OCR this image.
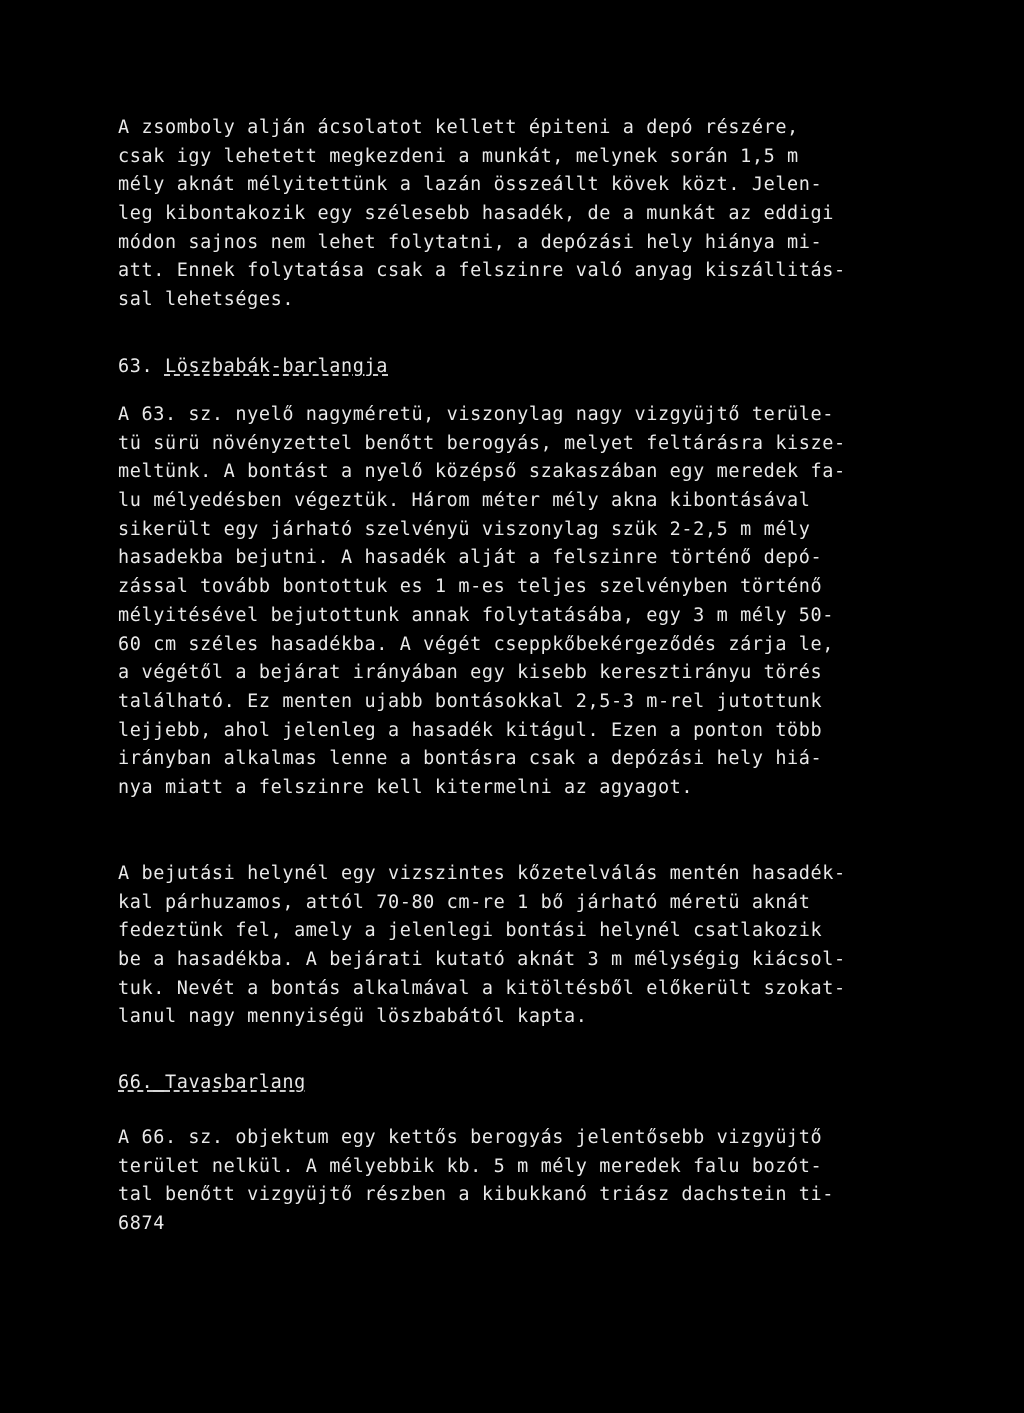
A zsomboly alján ácsolatot kellett épiteni a depó részére,
csak igy lehetett megkezdeni a munkát, melynek során 1,5 m
mély aknát mélyitettünk a lazán összeállt kövek közt. Jelen-
leg kibontakozik egy szélesebb hasadék, de a munkát az eddigi
módon sajnos nem lehet folytatni, a depózási hely hiánya mi-
att. Ennek folytatása csak a felszinre való anyag kiszállitás-
sal lehetséges.
63. Löszbabák-barlangja
A 63. sz. nyelő nagyméretü, viszonylag nagy vizgyüjtő terüle-
tü sürü növényzettel benőtt berogyás, melyet feltárásra kisze-
meltünk. A bontást a nyelő középső szakaszában egy meredek fa-
lu mélyedésben végeztük. Három méter mély akna kibontásával
sikerült egy járható szelvényü viszonylag szük 2-2,5 m mély
hasadekba bejutni. A hasadék alját a felszinre történő depó-
zással tovább bontottuk es 1 m-es teljes szelvényben történő
mélyitésével bejutottunk annak folytatásába, egy 3 m mély 50-
60 cm széles hasadékba. A végét cseppkőbekérgeződés zárja le,
a végétől a bejárat irányában egy kisebb keresztirányu törés
található. Ez menten ujabb bontásokkal 2,5-3 m-rel jutottunk
lejjebb, ahol jelenleg a hasadék kitágul. Ezen a ponton több
irányban alkalmas lenne a bontásra csak a depózási hely hiá-
nya miatt a felszinre kell kitermelni az agyagot.
A bejutási helynél egy vizszintes kőzetelválás mentén hasadék-
kal párhuzamos, attól 70-80 cm-re 1 bő járható méretü aknát
fedeztünk fel, amely a jelenlegi bontási helynél csatlakozik
be a hasadékba. A bejárati kutató aknát 3 m mélységig kiácsol-
tuk. Nevét a bontás alkalmával a kitöltésből előkerült szokat-
lanul nagy mennyiségü löszbabától kapta.
66. Tavasbarlang
A 66. sz. objektum egy kettős berogyás jelentősebb vizgyüjtő
terület nelkül. A mélyebbik kb. 5 m mély meredek falu bozót-
tal benőtt vizgyüjtő részben a kibukkanó triász dachstein ti-
6874
